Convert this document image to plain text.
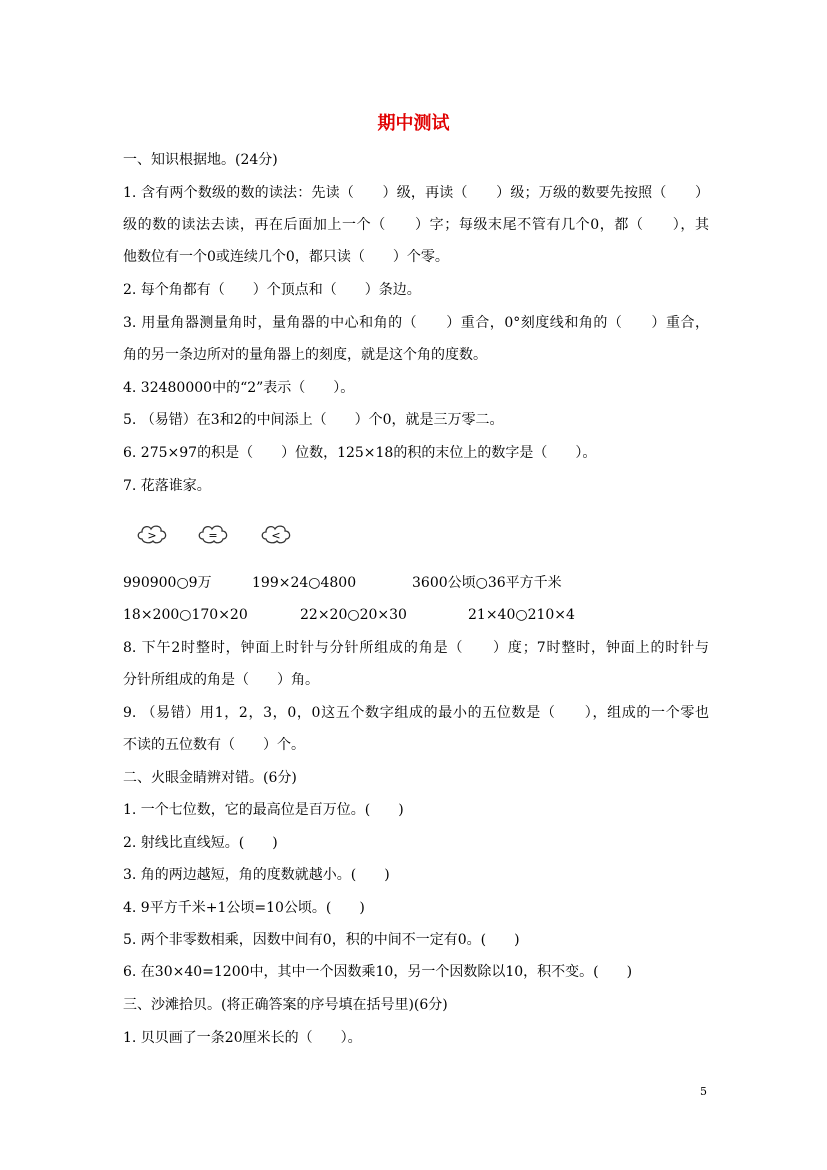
期中测试
一、知识根据地。(24分)
1. 含有两个数级的数的读法：先读（　　）级，再读（　　）级；万级的数要先按照（　　）
级的数的读法去读，再在后面加上一个（　　）字；每级末尾不管有几个0，都（　　），其
他数位有一个0或连续几个0，都只读（　　）个零。
2. 每个角都有（　　）个顶点和（　　）条边。
3. 用量角器测量角时，量角器的中心和角的（　　）重合，0°刻度线和角的（　　）重合，
角的另一条边所对的量角器上的刻度，就是这个角的度数。
4. 32480000中的“2”表示（　　）。
5. （易错）在3和2的中间添上（　　）个0，就是三万零二。
6. 275×97的积是（　　）位数，125×18的积的末位上的数字是（　　）。
7. 花落谁家。
>	=	<
990900○9万	199×24○4800	3600公顷○36平方千米
18×200○170×20	22×20○20×30	21×40○210×4
8. 下午2时整时，钟面上时针与分针所组成的角是（　　）度；7时整时，钟面上的时针与
分针所组成的角是（　　）角。
9. （易错）用1，2，3，0，0这五个数字组成的最小的五位数是（　　），组成的一个零也
不读的五位数有（　　）个。
二、火眼金睛辨对错。(6分)
1. 一个七位数，它的最高位是百万位。(　　)
2. 射线比直线短。(　　)
3. 角的两边越短，角的度数就越小。(　　)
4. 9平方千米+1公顷=10公顷。(　　)
5. 两个非零数相乘，因数中间有0，积的中间不一定有0。(　　)
6. 在30×40=1200中，其中一个因数乘10，另一个因数除以10，积不变。(　　)
三、沙滩拾贝。(将正确答案的序号填在括号里)(6分)
1. 贝贝画了一条20厘米长的（　　）。
5
